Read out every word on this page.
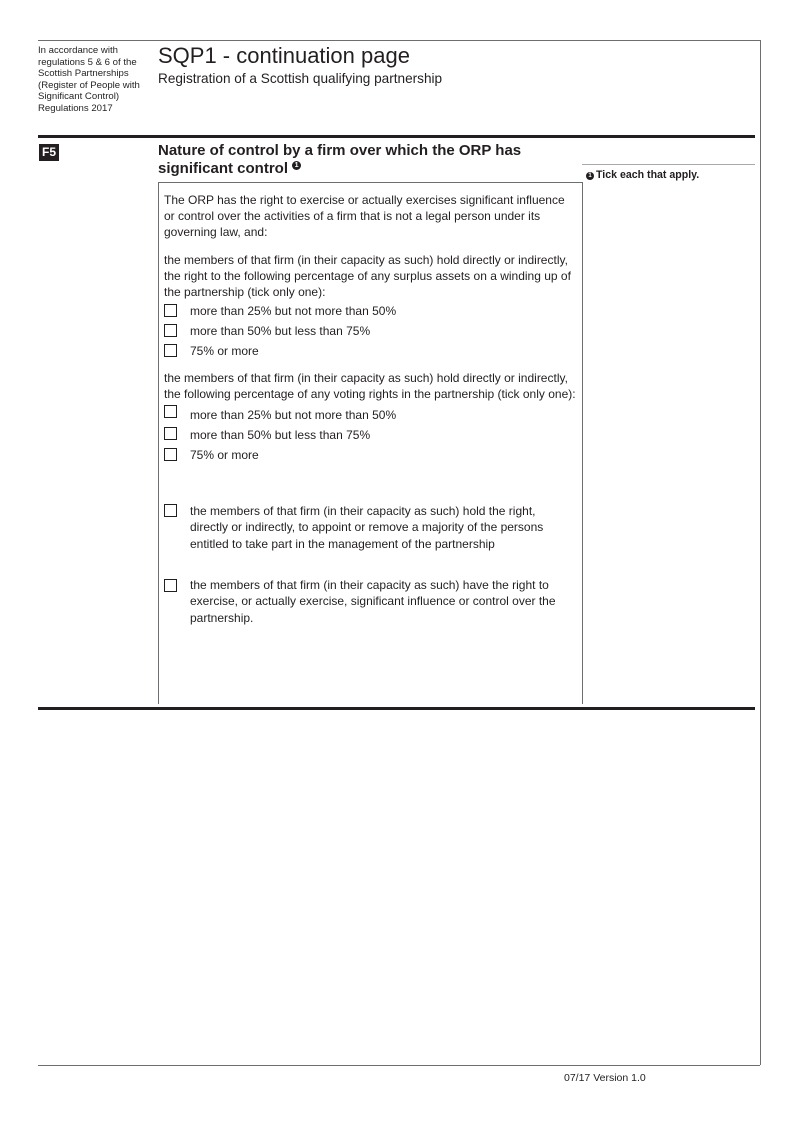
In accordance with regulations 5 & 6 of the Scottish Partnerships (Register of People with Significant Control) Regulations 2017
SQP1 - continuation page
Registration of a Scottish qualifying partnership
F5	Nature of control by a firm over which the ORP has significant control 1
1 Tick each that apply.
The ORP has the right to exercise or actually exercises significant influence or control over the activities of a firm that is not a legal person under its governing law, and:
the members of that firm (in their capacity as such) hold directly or indirectly, the right to the following percentage of any surplus assets on a winding up of the partnership (tick only one):
more than 25% but not more than 50%
more than 50% but less than 75%
75% or more
the members of that firm (in their capacity as such) hold directly or indirectly, the following percentage of any voting rights in the partnership (tick only one):
more than 25% but not more than 50%
more than 50% but less than 75%
75% or more
the members of that firm (in their capacity as such) hold the right, directly or indirectly, to appoint or remove a majority of the persons entitled to take part in the management of the partnership
the members of that firm (in their capacity as such) have the right to exercise, or actually exercise, significant influence or control over the partnership.
07/17 Version 1.0
